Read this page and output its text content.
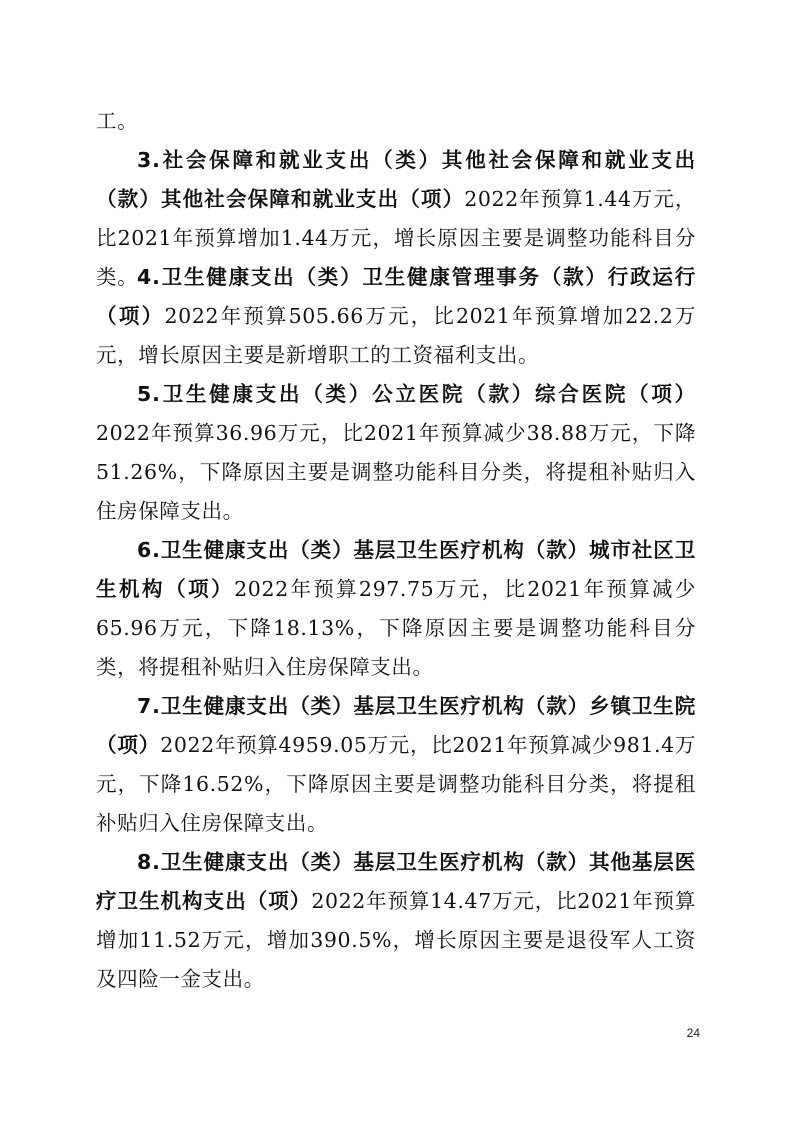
工。

3.社会保障和就业支出（类）其他社会保障和就业支出（款）其他社会保障和就业支出（项）2022年预算1.44万元，比2021年预算增加1.44万元，增长原因主要是调整功能科目分类。

4.卫生健康支出（类）卫生健康管理事务（款）行政运行（项）2022年预算505.66万元，比2021年预算增加22.2万元，增长原因主要是新增职工的工资福利支出。

5.卫生健康支出（类）公立医院（款）综合医院（项）2022年预算36.96万元，比2021年预算减少38.88万元，下降51.26%，下降原因主要是调整功能科目分类，将提租补贴归入住房保障支出。

6.卫生健康支出（类）基层卫生医疗机构（款）城市社区卫生机构（项）2022年预算297.75万元，比2021年预算减少65.96万元，下降18.13%，下降原因主要是调整功能科目分类，将提租补贴归入住房保障支出。

7.卫生健康支出（类）基层卫生医疗机构（款）乡镇卫生院（项）2022年预算4959.05万元，比2021年预算减少981.4万元，下降16.52%，下降原因主要是调整功能科目分类，将提租补贴归入住房保障支出。

8.卫生健康支出（类）基层卫生医疗机构（款）其他基层医疗卫生机构支出（项）2022年预算14.47万元，比2021年预算增加11.52万元，增加390.5%，增长原因主要是退役军人工资及四险一金支出。

24
